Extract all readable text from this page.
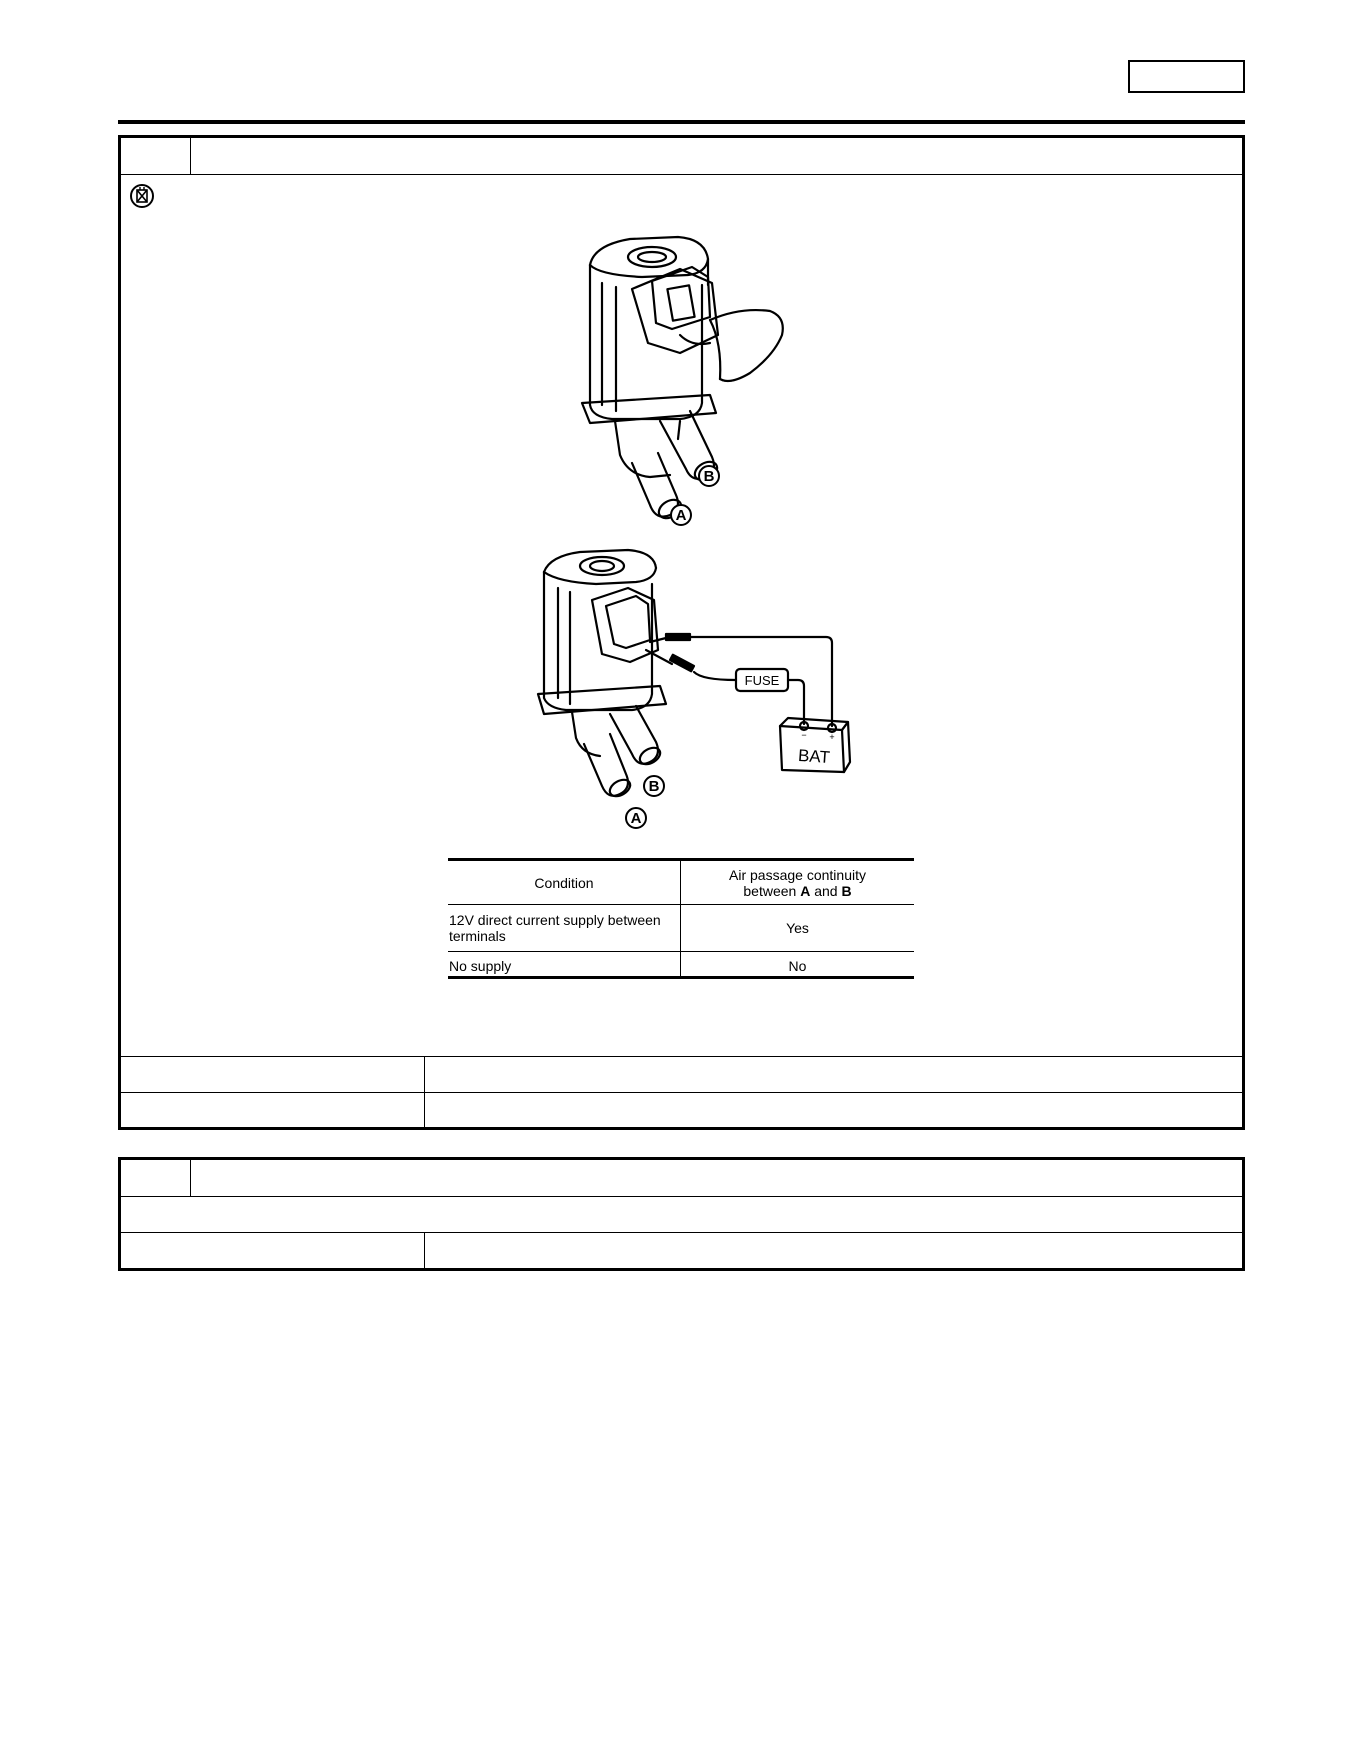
B
A
FUSE
BAT
−	+
B
A
Condition	Air passage continuity
between A and B
12V direct current supply between terminals	Yes
No supply	No
